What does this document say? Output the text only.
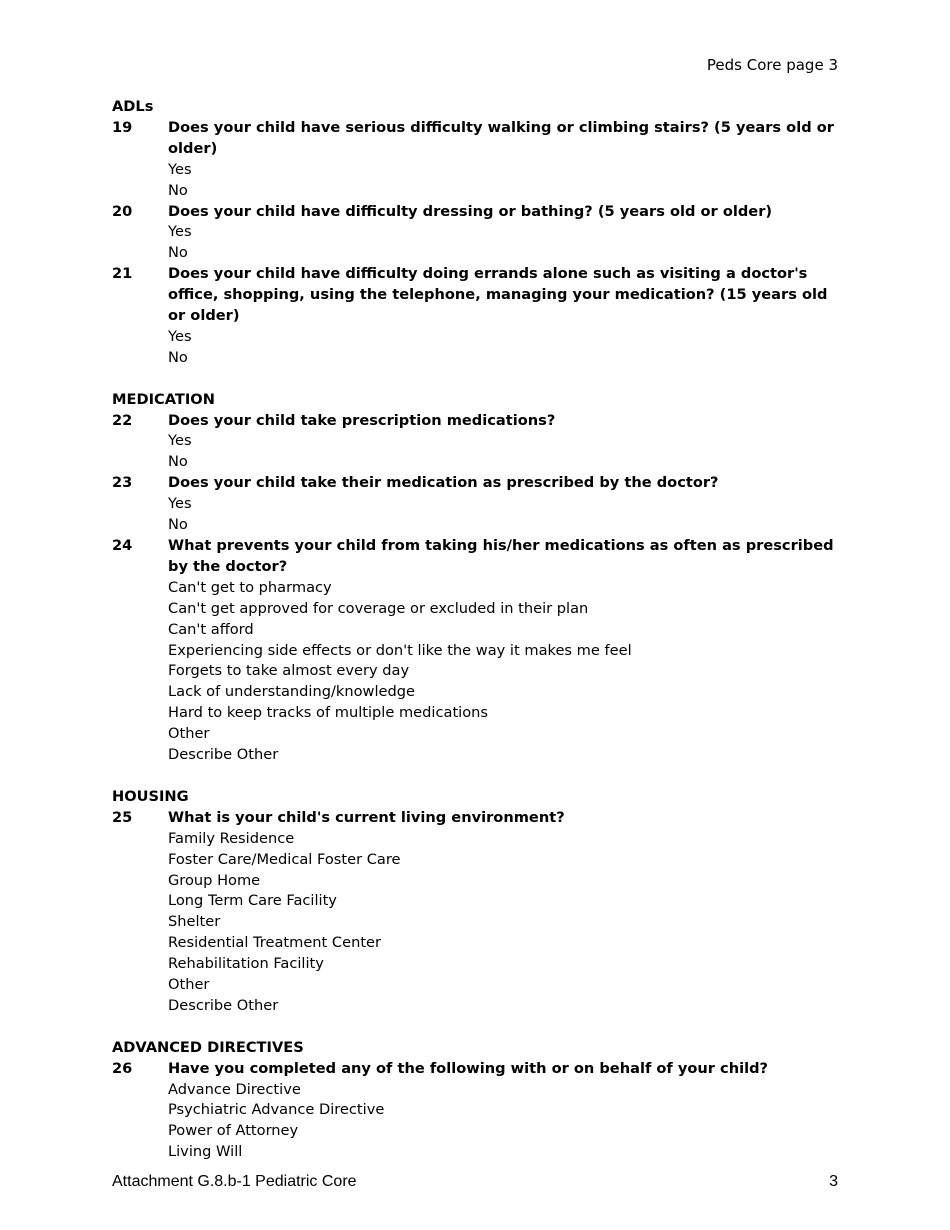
Peds Core page 3
ADLs
19	Does your child have serious difficulty walking or climbing stairs? (5 years old or older)
Yes
No
20	Does your child have difficulty dressing or bathing? (5 years old or older)
Yes
No
21	Does your child have difficulty doing errands alone such as visiting a doctor's office, shopping, using the telephone, managing your medication? (15 years old or older)
Yes
No
MEDICATION
22	Does your child take prescription medications?
Yes
No
23	Does your child take their medication as prescribed by the doctor?
Yes
No
24	What prevents your child from taking his/her medications as often as prescribed by the doctor?
Can't get to pharmacy
Can't get approved for coverage or excluded in their plan
Can't afford
Experiencing side effects or don't like the way it makes me feel
Forgets to take almost every day
Lack of understanding/knowledge
Hard to keep tracks of multiple medications
Other
Describe Other
HOUSING
25	What is your child's current living environment?
Family Residence
Foster Care/Medical Foster Care
Group Home
Long Term Care Facility
Shelter
Residential Treatment Center
Rehabilitation Facility
Other
Describe Other
ADVANCED DIRECTIVES
26	Have you completed any of the following with or on behalf of your child?
Advance Directive
Psychiatric Advance Directive
Power of Attorney
Living Will
Attachment G.8.b-1 Pediatric Core	3
